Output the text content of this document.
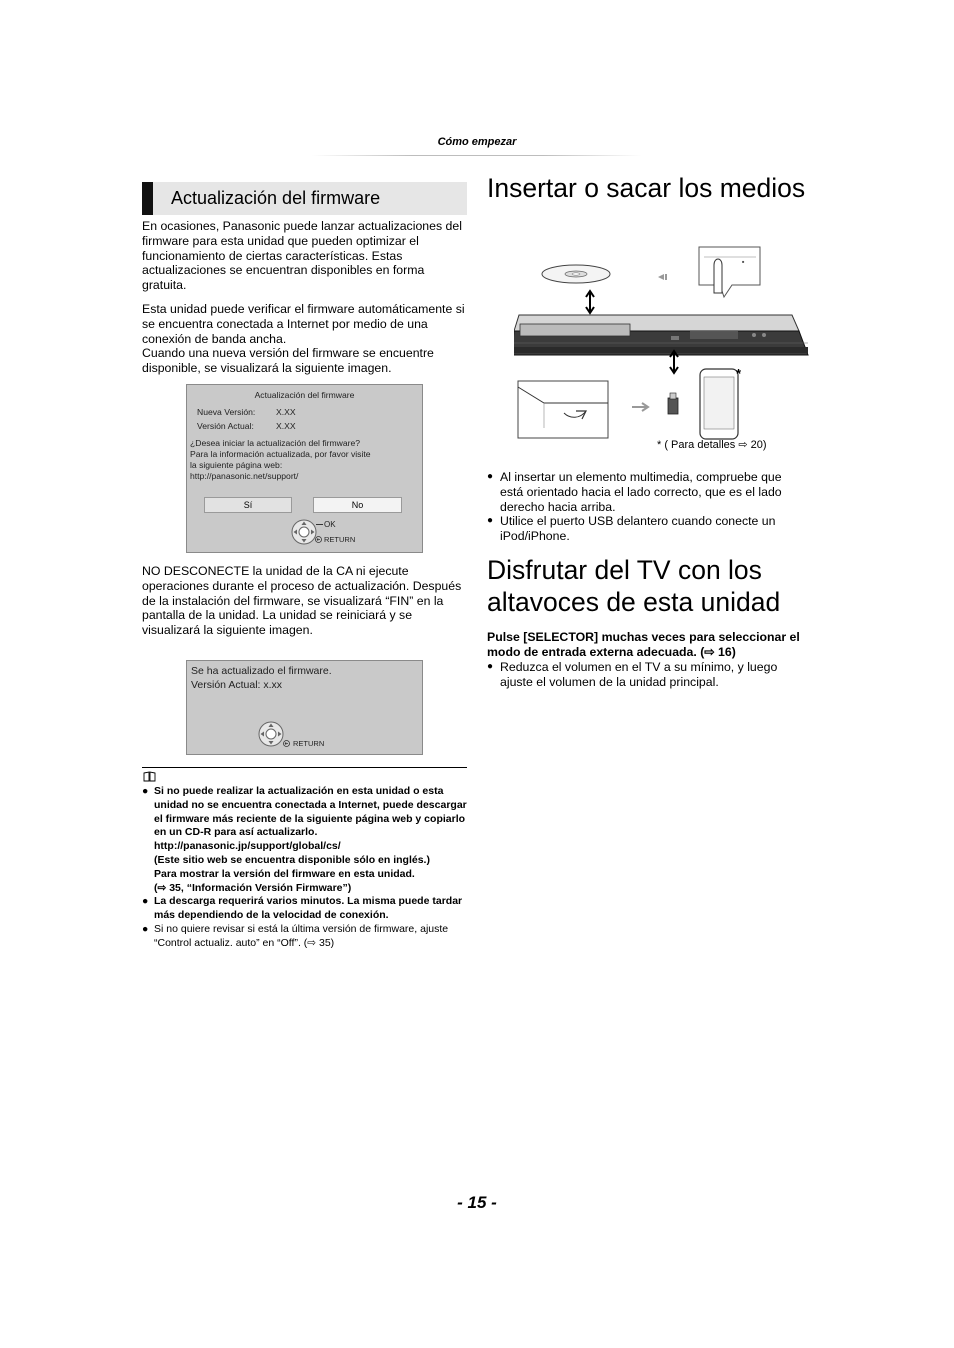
Cómo empezar
Actualización del firmware
En ocasiones, Panasonic puede lanzar actualizaciones del firmware para esta unidad que pueden optimizar el funcionamiento de ciertas características. Estas actualizaciones se encuentran disponibles en forma gratuita.
Esta unidad puede verificar el firmware automáticamente si se encuentra conectada a Internet por medio de una conexión de banda ancha.
Cuando una nueva versión del firmware se encuentre disponible, se visualizará la siguiente imagen.
Actualización del firmware
Nueva Versión: X.XX
Versión Actual:	X.XX
¿Desea iniciar la actualización del firmware?
Para la información actualizada, por favor visite
la siguiente página web:
http://panasonic.net/support/
Sí	No
OK
RETURN
NO DESCONECTE la unidad de la CA ni ejecute operaciones durante el proceso de actualización. Después de la instalación del firmware, se visualizará “FIN” en la pantalla de la unidad. La unidad se reiniciará y se visualizará la siguiente imagen.
Se ha actualizado el firmware.
Versión Actual: x.xx
RETURN
● Si no puede realizar la actualización en esta unidad o esta unidad no se encuentra conectada a Internet, puede descargar el firmware más reciente de la siguiente página web y copiarlo en un CD-R para así actualizarlo.
http://panasonic.jp/support/global/cs/
(Este sitio web se encuentra disponible sólo en inglés.)
Para mostrar la versión del firmware en esta unidad.
(⇨ 35, “Información Versión Firmware”)
● La descarga requerirá varios minutos. La misma puede tardar más dependiendo de la velocidad de conexión.
● Si no quiere revisar si está la última versión de firmware, ajuste “Control actualiz. auto” en “Off”. (⇨ 35)
Insertar o sacar los medios
■
*
* ( Para detalles ⇨ 20)
● Al insertar un elemento multimedia, compruebe que está orientado hacia el lado correcto, que es el lado derecho hacia arriba.
● Utilice el puerto USB delantero cuando conecte un iPod/iPhone.
Disfrutar del TV con los altavoces de esta unidad
Pulse [SELECTOR] muchas veces para seleccionar el modo de entrada externa adecuada. (⇨ 16)
● Reduzca el volumen en el TV a su mínimo, y luego ajuste el volumen de la unidad principal.
- 15 -
